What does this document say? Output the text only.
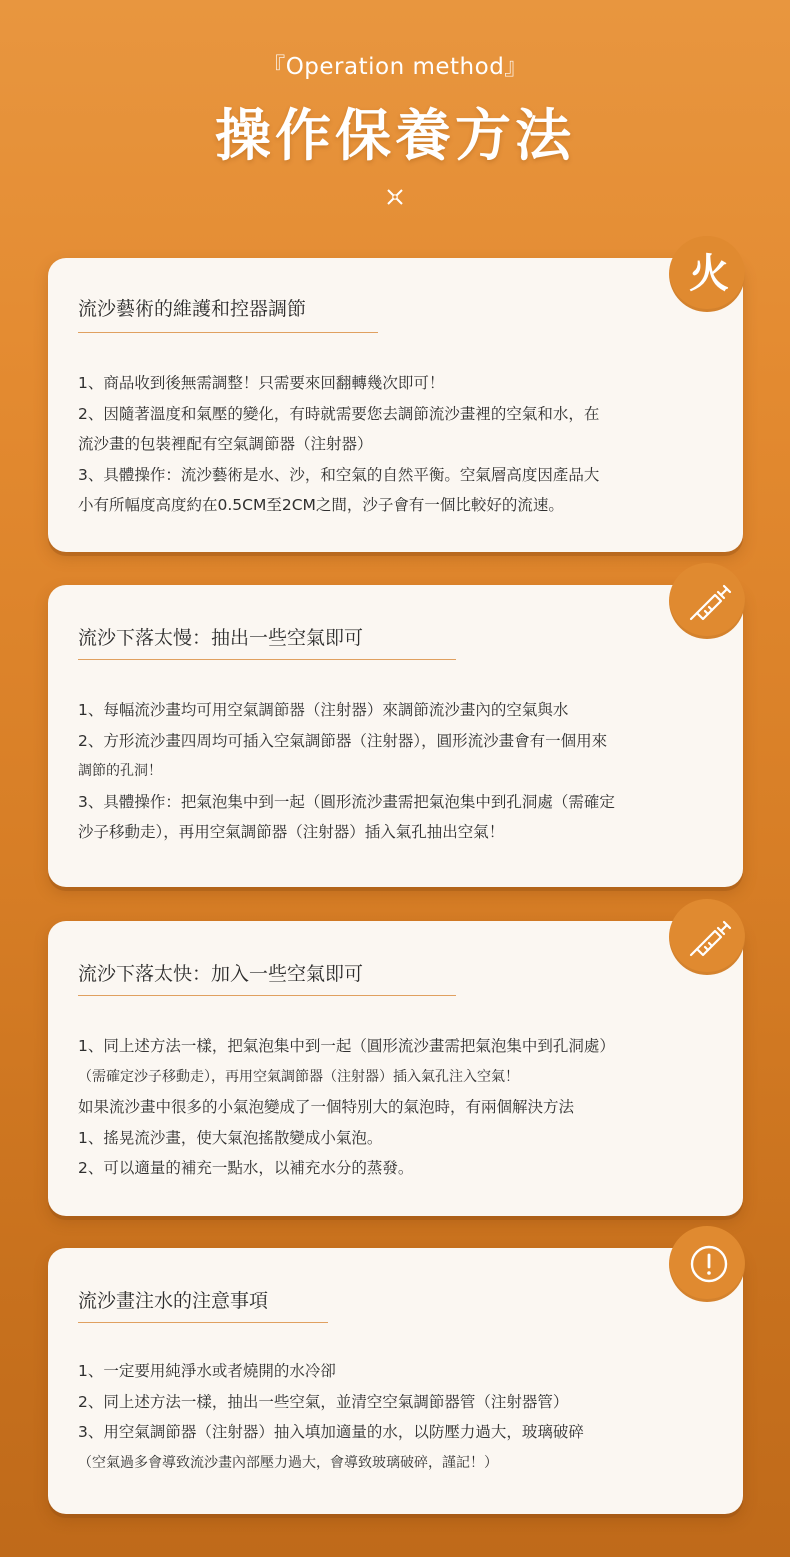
『Operation method』
操作保養方法
火
流沙藝術的維護和控器調節
1、商品收到後無需調整！只需要來回翻轉幾次即可！
2、因隨著溫度和氣壓的變化，有時就需要您去調節流沙畫裡的空氣和水，在
流沙畫的包裝裡配有空氣調節器（注射器）
3、具體操作：流沙藝術是水、沙，和空氣的自然平衡。空氣層高度因產品大
小有所幅度高度約在0.5CM至2CM之間，沙子會有一個比較好的流速。
流沙下落太慢：抽出一些空氣即可
1、每幅流沙畫均可用空氣調節器（注射器）來調節流沙畫內的空氣與水
2、方形流沙畫四周均可插入空氣調節器（注射器），圓形流沙畫會有一個用來
調節的孔洞！
3、具體操作：把氣泡集中到一起（圓形流沙畫需把氣泡集中到孔洞處（需確定
沙子移動走），再用空氣調節器（注射器）插入氣孔抽出空氣！
流沙下落太快：加入一些空氣即可
1、同上述方法一樣，把氣泡集中到一起（圓形流沙畫需把氣泡集中到孔洞處）
（需確定沙子移動走），再用空氣調節器（注射器）插入氣孔注入空氣！
如果流沙畫中很多的小氣泡變成了一個特別大的氣泡時，有兩個解決方法
1、搖晃流沙畫，使大氣泡搖散變成小氣泡。
2、可以適量的補充一點水，以補充水分的蒸發。
流沙畫注水的注意事項
1、一定要用純淨水或者燒開的水冷卻
2、同上述方法一樣，抽出一些空氣，並清空空氣調節器管（注射器管）
3、用空氣調節器（注射器）抽入填加適量的水，以防壓力過大，玻璃破碎
（空氣過多會導致流沙畫內部壓力過大，會導致玻璃破碎，謹記！）
